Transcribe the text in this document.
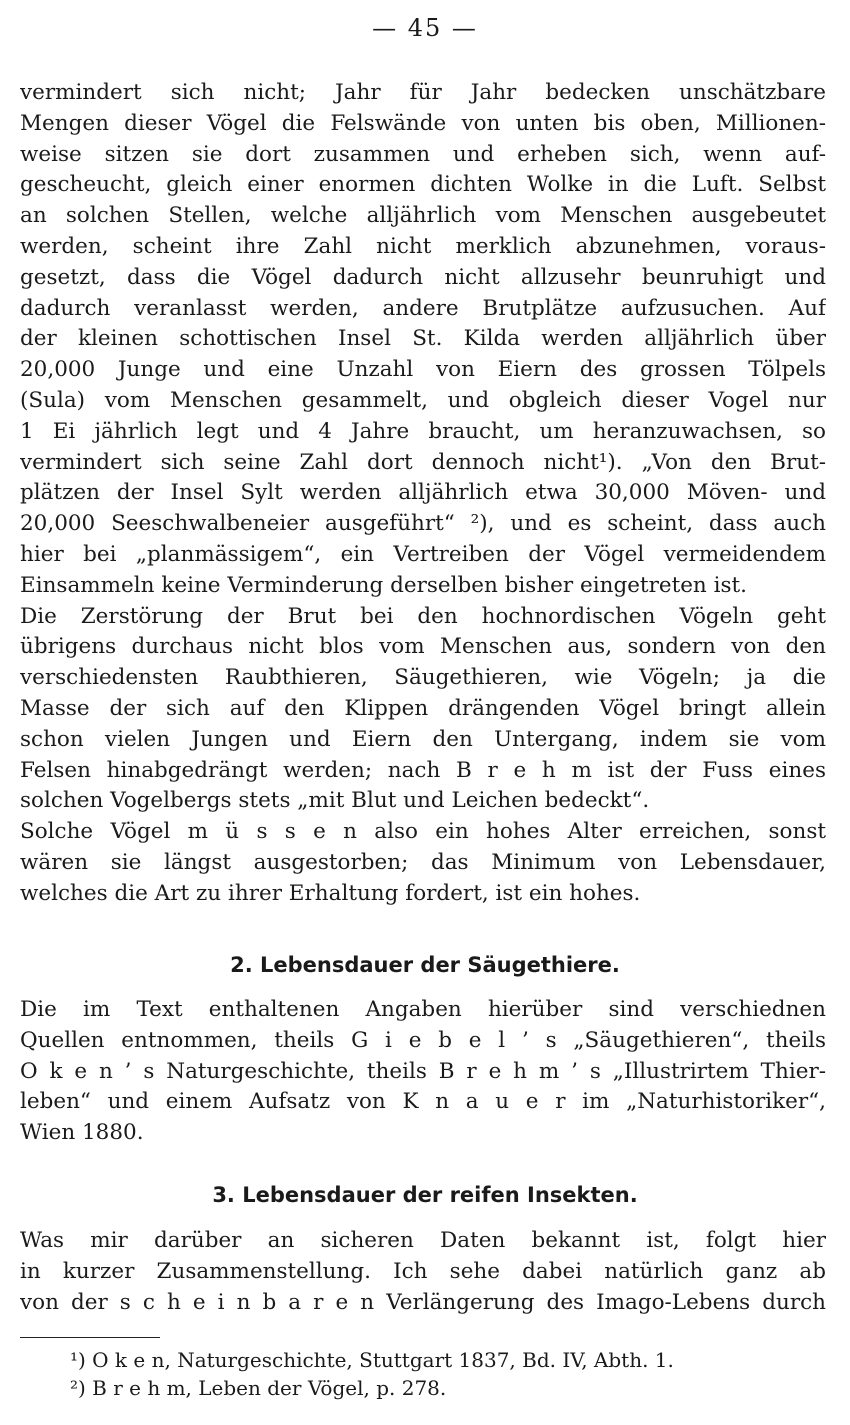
— 45 —
vermindert sich nicht; Jahr für Jahr bedecken unschätzbare
Mengen dieser Vögel die Felswände von unten bis oben, Millionen-
weise sitzen sie dort zusammen und erheben sich, wenn auf-
gescheucht, gleich einer enormen dichten Wolke in die Luft. Selbst
an solchen Stellen, welche alljährlich vom Menschen ausgebeutet
werden, scheint ihre Zahl nicht merklich abzunehmen, voraus-
gesetzt, dass die Vögel dadurch nicht allzusehr beunruhigt und
dadurch veranlasst werden, andere Brutplätze aufzusuchen. Auf
der kleinen schottischen Insel St. Kilda werden alljährlich über
20,000 Junge und eine Unzahl von Eiern des grossen Tölpels
(Sula) vom Menschen gesammelt, und obgleich dieser Vogel nur
1 Ei jährlich legt und 4 Jahre braucht, um heranzuwachsen, so
vermindert sich seine Zahl dort dennoch nicht¹). „Von den Brut-
plätzen der Insel Sylt werden alljährlich etwa 30,000 Möven- und
20,000 Seeschwalbeneier ausgeführt“ ²), und es scheint, dass auch
hier bei „planmässigem“, ein Vertreiben der Vögel vermeidendem
Einsammeln keine Verminderung derselben bisher eingetreten ist.
Die Zerstörung der Brut bei den hochnordischen Vögeln geht
übrigens durchaus nicht blos vom Menschen aus, sondern von den
verschiedensten Raubthieren, Säugethieren, wie Vögeln; ja die
Masse der sich auf den Klippen drängenden Vögel bringt allein
schon vielen Jungen und Eiern den Untergang, indem sie vom
Felsen hinabgedrängt werden; nach B r e h m ist der Fuss eines
solchen Vogelbergs stets „mit Blut und Leichen bedeckt“.
Solche Vögel m ü s s e n also ein hohes Alter erreichen, sonst
wären sie längst ausgestorben; das Minimum von Lebensdauer,
welches die Art zu ihrer Erhaltung fordert, ist ein hohes.
2. Lebensdauer der Säugethiere.
Die im Text enthaltenen Angaben hierüber sind verschiednen
Quellen entnommen, theils G i e b e l ’ s „Säugethieren“, theils
O k e n ’ s Naturgeschichte, theils B r e h m ’ s „Illustrirtem Thier-
leben“ und einem Aufsatz von K n a u e r im „Naturhistoriker“,
Wien 1880.
3. Lebensdauer der reifen Insekten.
Was mir darüber an sicheren Daten bekannt ist, folgt hier
in kurzer Zusammenstellung. Ich sehe dabei natürlich ganz ab
von der s c h e i n b a r e n Verlängerung des Imago-Lebens durch
¹) O k e n, Naturgeschichte, Stuttgart 1837, Bd. IV, Abth. 1.
²) B r e h m, Leben der Vögel, p. 278.
